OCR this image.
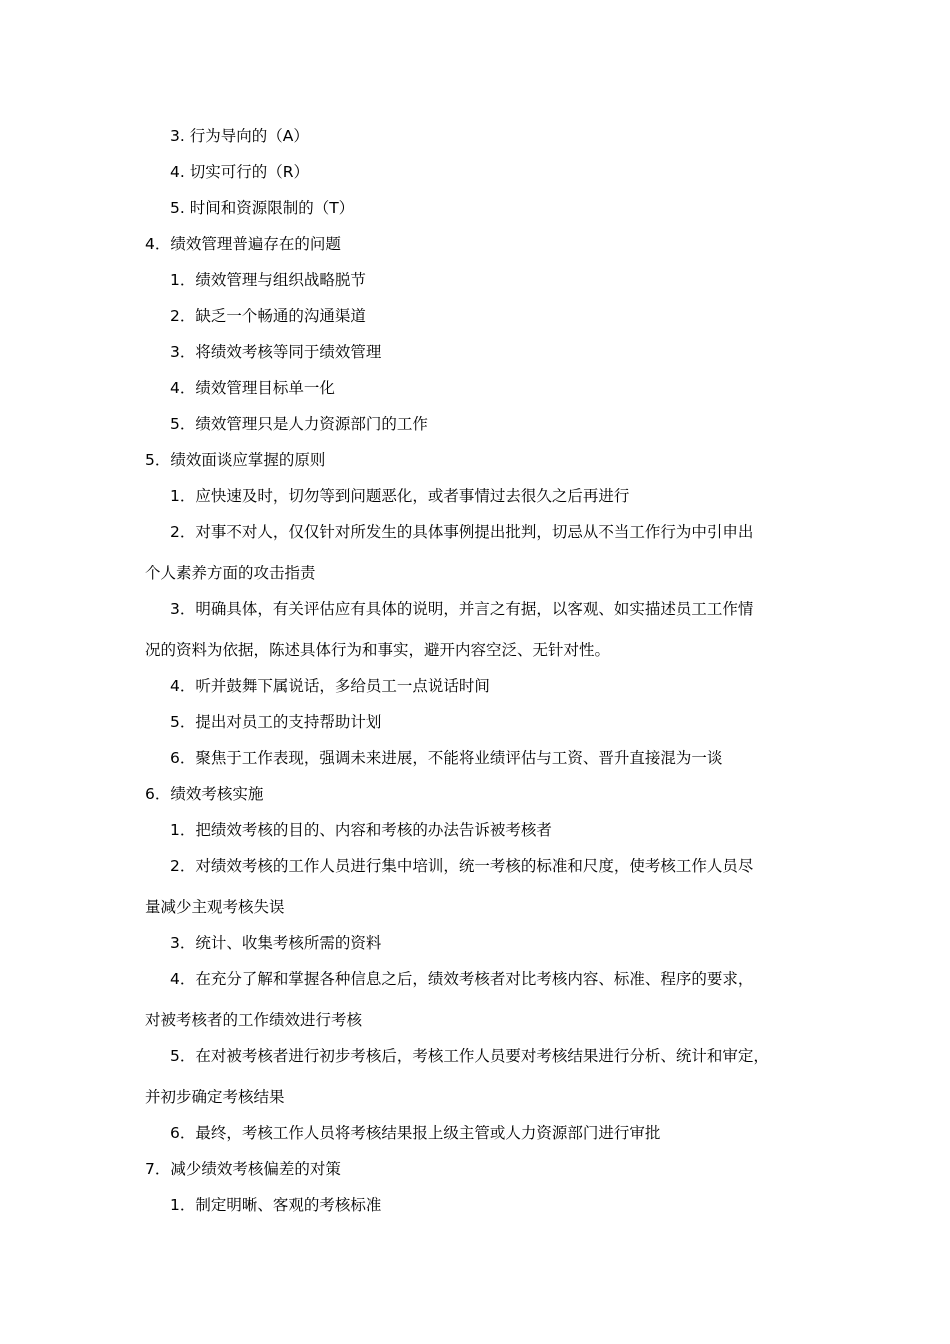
3. 行为导向的（A）
4. 切实可行的（R）
5. 时间和资源限制的（T）
4．绩效管理普遍存在的问题
1．绩效管理与组织战略脱节
2．缺乏一个畅通的沟通渠道
3．将绩效考核等同于绩效管理
4．绩效管理目标单一化
5．绩效管理只是人力资源部门的工作
5．绩效面谈应掌握的原则
1．应快速及时，切勿等到问题恶化，或者事情过去很久之后再进行
2．对事不对人，仅仅针对所发生的具体事例提出批判，切忌从不当工作行为中引申出
个人素养方面的攻击指责
3．明确具体，有关评估应有具体的说明，并言之有据，以客观、如实描述员工工作情
况的资料为依据，陈述具体行为和事实，避开内容空泛、无针对性。
4．听并鼓舞下属说话，多给员工一点说话时间
5．提出对员工的支持帮助计划
6．聚焦于工作表现，强调未来进展，不能将业绩评估与工资、晋升直接混为一谈
6．绩效考核实施
1．把绩效考核的目的、内容和考核的办法告诉被考核者
2．对绩效考核的工作人员进行集中培训，统一考核的标准和尺度，使考核工作人员尽
量减少主观考核失误
3．统计、收集考核所需的资料
4．在充分了解和掌握各种信息之后，绩效考核者对比考核内容、标准、程序的要求，
对被考核者的工作绩效进行考核
5．在对被考核者进行初步考核后，考核工作人员要对考核结果进行分析、统计和审定，
并初步确定考核结果
6．最终，考核工作人员将考核结果报上级主管或人力资源部门进行审批
7．减少绩效考核偏差的对策
1．制定明晰、客观的考核标准
